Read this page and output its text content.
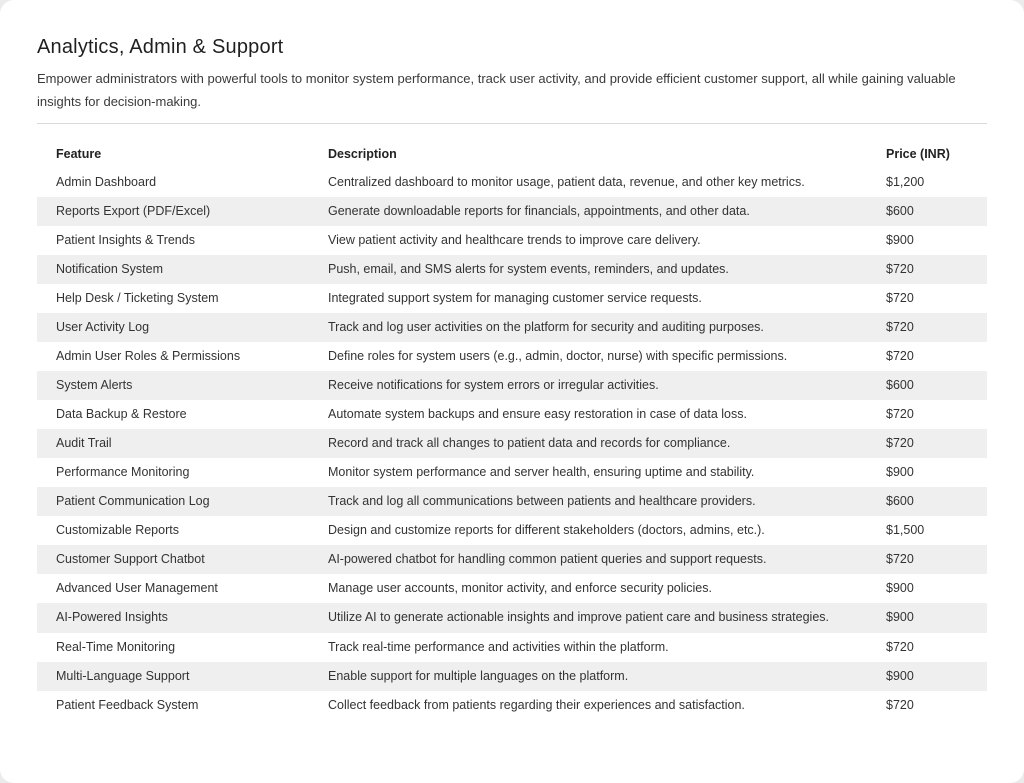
Analytics, Admin & Support

Empower administrators with powerful tools to monitor system performance, track user activity, and provide efficient customer support, all while gaining valuable insights for decision-making.

Feature	Description	Price (INR)
Admin Dashboard	Centralized dashboard to monitor usage, patient data, revenue, and other key metrics.	$1,200
Reports Export (PDF/Excel)	Generate downloadable reports for financials, appointments, and other data.	$600
Patient Insights & Trends	View patient activity and healthcare trends to improve care delivery.	$900
Notification System	Push, email, and SMS alerts for system events, reminders, and updates.	$720
Help Desk / Ticketing System	Integrated support system for managing customer service requests.	$720
User Activity Log	Track and log user activities on the platform for security and auditing purposes.	$720
Admin User Roles & Permissions	Define roles for system users (e.g., admin, doctor, nurse) with specific permissions.	$720
System Alerts	Receive notifications for system errors or irregular activities.	$600
Data Backup & Restore	Automate system backups and ensure easy restoration in case of data loss.	$720
Audit Trail	Record and track all changes to patient data and records for compliance.	$720
Performance Monitoring	Monitor system performance and server health, ensuring uptime and stability.	$900
Patient Communication Log	Track and log all communications between patients and healthcare providers.	$600
Customizable Reports	Design and customize reports for different stakeholders (doctors, admins, etc.).	$1,500
Customer Support Chatbot	AI-powered chatbot for handling common patient queries and support requests.	$720
Advanced User Management	Manage user accounts, monitor activity, and enforce security policies.	$900
AI-Powered Insights	Utilize AI to generate actionable insights and improve patient care and business strategies.	$900
Real-Time Monitoring	Track real-time performance and activities within the platform.	$720
Multi-Language Support	Enable support for multiple languages on the platform.	$900
Patient Feedback System	Collect feedback from patients regarding their experiences and satisfaction.	$720
